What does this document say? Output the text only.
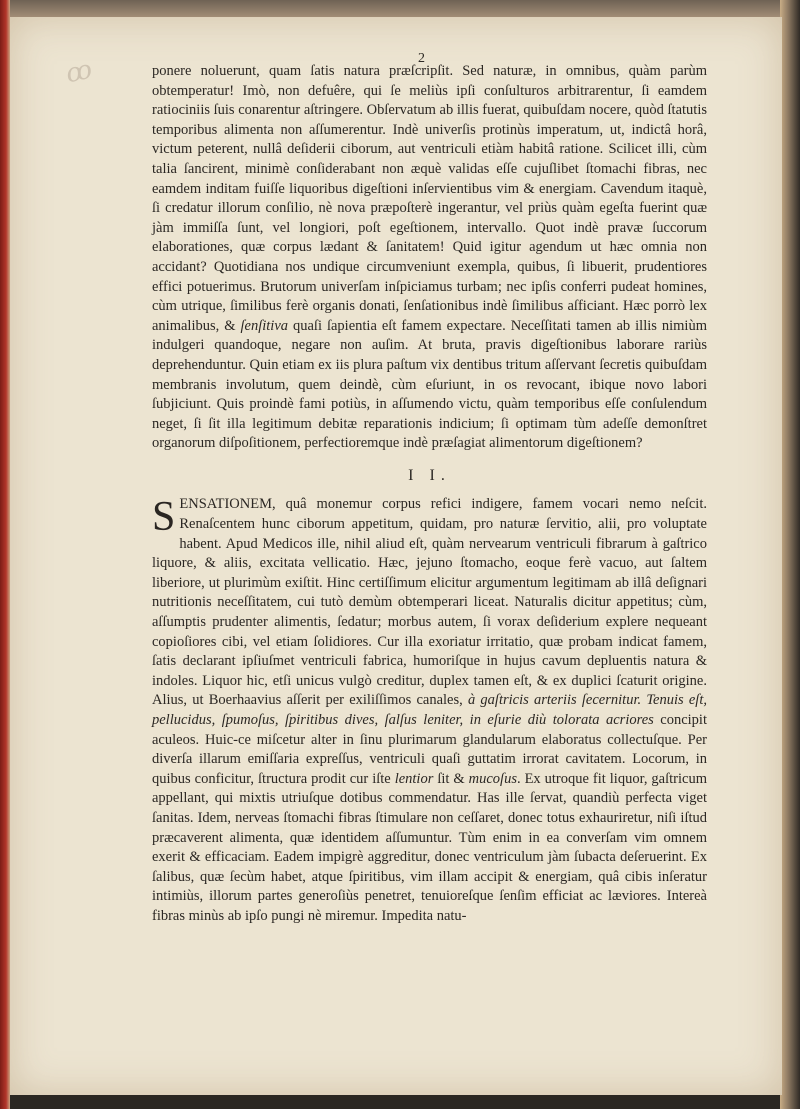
ꝏ	2

ponere noluerunt, quam ſatis natura præſcripſit. Sed naturæ, in omnibus, quàm parùm obtemperatur! Imò, non defuêre, qui ſe meliùs ipſi conſulturos arbitrarentur, ſi eamdem ratiociniis ſuis conarentur aſtringere. Obſervatum ab illis fuerat, quibuſdam nocere, quòd ſtatutis temporibus alimenta non aſſumerentur. Indè univerſis protinùs imperatum, ut, indictâ horâ, victum peterent, nullâ deſiderii ciborum, aut ventriculi etiàm habitâ ratione. Scilicet illi, cùm talia ſancirent, minimè conſiderabant non æquè validas eſſe cujuſlibet ſtomachi fibras, nec eamdem inditam fuiſſe liquoribus digeſtioni inſervientibus vim & energiam. Cavendum itaquè, ſi credatur illorum conſilio, nè nova præpoſterè ingerantur, vel priùs quàm egeſta fuerint quæ jàm immiſſa ſunt, vel longiori, poſt egeſtionem, intervallo. Quot indè pravæ ſuccorum elaborationes, quæ corpus lædant & ſanitatem! Quid igitur agendum ut hæc omnia non accidant? Quotidiana nos undique circumveniunt exempla, quibus, ſi libuerit, prudentiores effici potuerimus. Brutorum univerſam inſpiciamus turbam; nec ipſis conferri pudeat homines, cùm utrique, ſimilibus ferè organis donati, ſenſationibus indè ſimilibus aſficiant. Hæc porrò lex animalibus, & ſenſitiva quaſi ſapientia eſt famem expectare. Neceſſitati tamen ab illis nimiùm indulgeri quandoque, negare non auſim. At bruta, pravis digeſtionibus laborare rariùs deprehenduntur. Quin etiam ex iis plura paſtum vix dentibus tritum aſſervant ſecretis quibuſdam membranis involutum, quem deindè, cùm eſuriunt, in os revocant, ibique novo labori ſubjiciunt. Quis proindè fami potiùs, in aſſumendo victu, quàm temporibus eſſe conſulendum neget, ſi ſit illa legitimum debitæ reparationis indicium; ſi optimam tùm adeſſe demonſtret organorum diſpoſitionem, perfectioremque indè præſagiat alimentorum digeſtionem?

I I.

SENSATIONEM, quâ monemur corpus refici indigere, famem vocari nemo neſcit. Renaſcentem hunc ciborum appetitum, quidam, pro naturæ ſervitio, alii, pro voluptate habent. Apud Medicos ille, nihil aliud eſt, quàm nervearum ventriculi fibrarum à gaſtrico liquore, & aliis, excitata vellicatio. Hæc, jejuno ſtomacho, eoque ferè vacuo, aut ſaltem liberiore, ut plurimùm exiſtit. Hinc certiſſimum elicitur argumentum legitimam ab illâ deſignari nutritionis neceſſitatem, cui tutò demùm obtemperari liceat. Naturalis dicitur appetitus; cùm, aſſumptis prudenter alimentis, ſedatur; morbus autem, ſi vorax deſiderium explere nequeant copioſiores cibi, vel etiam ſolidiores. Cur illa exoriatur irritatio, quæ probam indicat famem, ſatis declarant ipſiuſmet ventriculi fabrica, humoriſque in hujus cavum depluentis natura & indoles. Liquor hic, etſi unicus vulgò creditur, duplex tamen eſt, & ex duplici ſcaturit origine. Alius, ut Boerhaavius aſſerit per exiliſſimos canales, à gaſtricis arteriis ſecernitur. Tenuis eſt, pellucidus, ſpumoſus, ſpiritibus dives, ſalſus leniter, in eſurie diù tolorata acriores concipit aculeos. Huic-ce miſcetur alter in ſinu plurimarum glandularum elaboratus collectuſque. Per diverſa illarum emiſſaria expreſſus, ventriculi quaſi guttatim irrorat cavitatem. Locorum, in quibus conficitur, ſtructura prodit cur iſte lentior ſit & mucoſus. Ex utroque fit liquor, gaſtricum appellant, qui mixtis utriuſque dotibus commendatur. Has ille ſervat, quandiù perfecta viget ſanitas. Idem, nerveas ſtomachi fibras ſtimulare non ceſſaret, donec totus exhauriretur, niſi iſtud præcaverent alimenta, quæ identidem aſſumuntur. Tùm enim in ea converſam vim omnem exerit & efficaciam. Eadem impigrè aggreditur, donec ventriculum jàm ſubacta deſeruerint. Ex ſalibus, quæ ſecùm habet, atque ſpiritibus, vim illam accipit & energiam, quâ cibis inſeratur intimiùs, illorum partes generoſiùs penetret, tenuioreſque ſenſim efficiat ac læviores. Intereà fibras minùs ab ipſo pungi nè miremur. Impedita natu-
